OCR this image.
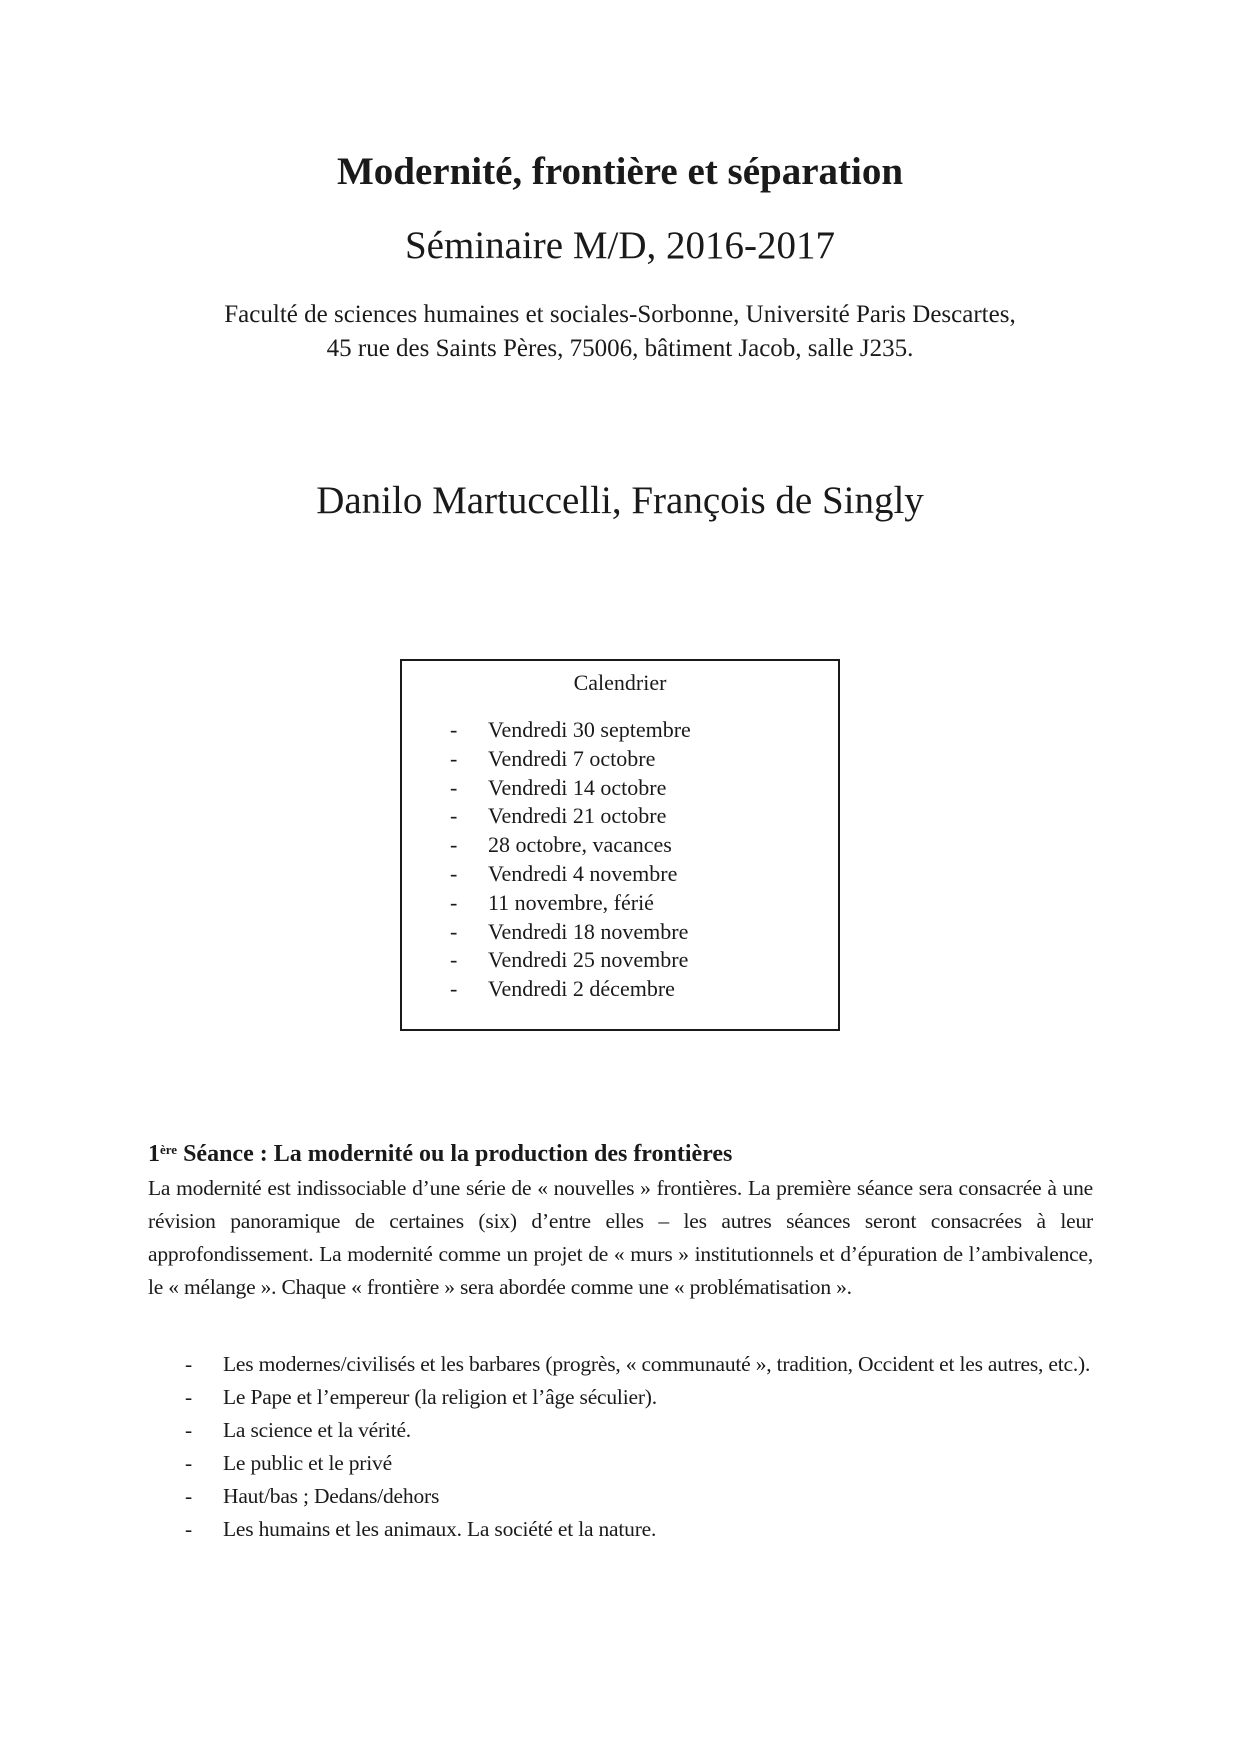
Modernité, frontière et séparation
Séminaire M/D, 2016-2017
Faculté de sciences humaines et sociales-Sorbonne, Université Paris Descartes,
45 rue des Saints Pères, 75006, bâtiment Jacob, salle J235.
Danilo Martuccelli, François de Singly
Calendrier
- Vendredi 30 septembre
- Vendredi 7 octobre
- Vendredi 14 octobre
- Vendredi 21 octobre
- 28 octobre, vacances
- Vendredi 4 novembre
- 11 novembre, férié
- Vendredi 18 novembre
- Vendredi 25 novembre
- Vendredi 2 décembre
1ère Séance : La modernité ou la production des frontières
La modernité est indissociable d’une série de « nouvelles » frontières. La première séance sera consacrée à une révision panoramique de certaines (six) d’entre elles – les autres séances seront consacrées à leur approfondissement. La modernité comme un projet de « murs » institutionnels et d’épuration de l’ambivalence, le « mélange ». Chaque « frontière » sera abordée comme une « problématisation ».
- Les modernes/civilisés et les barbares (progrès, « communauté », tradition, Occident et les autres, etc.).
- Le Pape et l’empereur (la religion et l’âge séculier).
- La science et la vérité.
- Le public et le privé
- Haut/bas ; Dedans/dehors
- Les humains et les animaux. La société et la nature.
